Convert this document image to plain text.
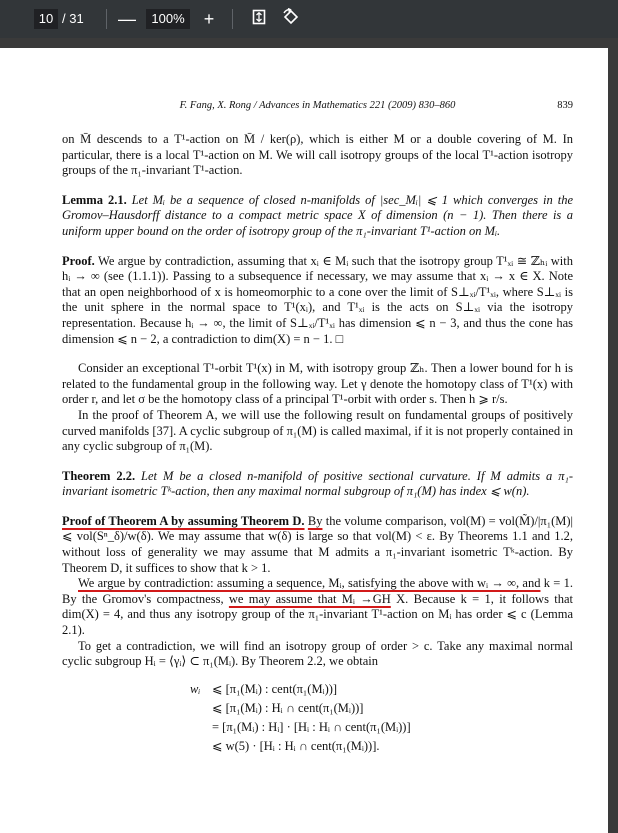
10 / 31 —	100%	+
F. Fang, X. Rong / Advances in Mathematics 221 (2009) 830–860	839

on M̄ descends to a T¹-action on M̄ / ker(ρ), which is either M or a double covering of M. In particular, there is a local T¹-action on M. We will call isotropy groups of the local T¹-action isotropy groups of the π₁-invariant T¹-action.

Lemma 2.1. Let Mᵢ be a sequence of closed n-manifolds of |sec_Mᵢ| ⩽ 1 which converges in the Gromov–Hausdorff distance to a compact metric space X of dimension (n − 1). Then there is a uniform upper bound on the order of isotropy group of the π₁-invariant T¹-action on Mᵢ.

Proof. We argue by contradiction, assuming that xᵢ ∈ Mᵢ such that the isotropy group T¹ₓᵢ ≅ ℤₕᵢ with hᵢ → ∞ (see (1.1.1)). Passing to a subsequence if necessary, we may assume that xᵢ → x ∈ X. Note that an open neighborhood of x is homeomorphic to a cone over the limit of S⊥ₓᵢ/T¹ₓᵢ, where S⊥ₓᵢ is the unit sphere in the normal space to T¹(xᵢ), and T¹ₓᵢ is the acts on S⊥ₓᵢ via the isotropy representation. Because hᵢ → ∞, the limit of S⊥ₓᵢ/T¹ₓᵢ has dimension ⩽ n − 3, and thus the cone has dimension ⩽ n − 2, a contradiction to dim(X) = n − 1. □

Consider an exceptional T¹-orbit T¹(x) in M, with isotropy group ℤₕ. Then a lower bound for h is related to the fundamental group in the following way. Let γ denote the homotopy class of T¹(x) with order r, and let σ be the homotopy class of a principal T¹-orbit with order s. Then h ⩾ r/s.

In the proof of Theorem A, we will use the following result on fundamental groups of positively curved manifolds [37]. A cyclic subgroup of π₁(M) is called maximal, if it is not properly contained in any cyclic subgroup of π₁(M).

Theorem 2.2. Let M be a closed n-manifold of positive sectional curvature. If M admits a π₁-invariant isometric Tᵏ-action, then any maximal normal subgroup of π₁(M) has index ⩽ w(n).

Proof of Theorem A by assuming Theorem D. By the volume comparison, vol(M) = vol(M̃)/|π₁(M)| ⩽ vol(Sⁿ_δ)/w(δ). We may assume that w(δ) is large so that vol(M) < ε. By Theorems 1.1 and 1.2, without loss of generality we may assume that M admits a π₁-invariant isometric Tᵏ-action. By Theorem D, it suffices to show that k > 1.

We argue by contradiction: assuming a sequence, Mᵢ, satisfying the above with wᵢ → ∞, and k = 1. By the Gromov's compactness, we may assume that Mᵢ →GH X. Because k = 1, it follows that dim(X) = 4, and thus any isotropy group of the π₁-invariant T¹-action on Mᵢ has order ⩽ c (Lemma 2.1).

To get a contradiction, we will find an isotropy group of order > c. Take any maximal normal cyclic subgroup Hᵢ = ⟨γᵢ⟩ ⊂ π₁(Mᵢ). By Theorem 2.2, we obtain

wᵢ ⩽ [π₁(Mᵢ) : cent(π₁(Mᵢ))]
⩽ [π₁(Mᵢ) : Hᵢ ∩ cent(π₁(Mᵢ))]
= [π₁(Mᵢ) : Hᵢ] · [Hᵢ : Hᵢ ∩ cent(π₁(Mᵢ))]
⩽ w(5) · [Hᵢ : Hᵢ ∩ cent(π₁(Mᵢ))].
